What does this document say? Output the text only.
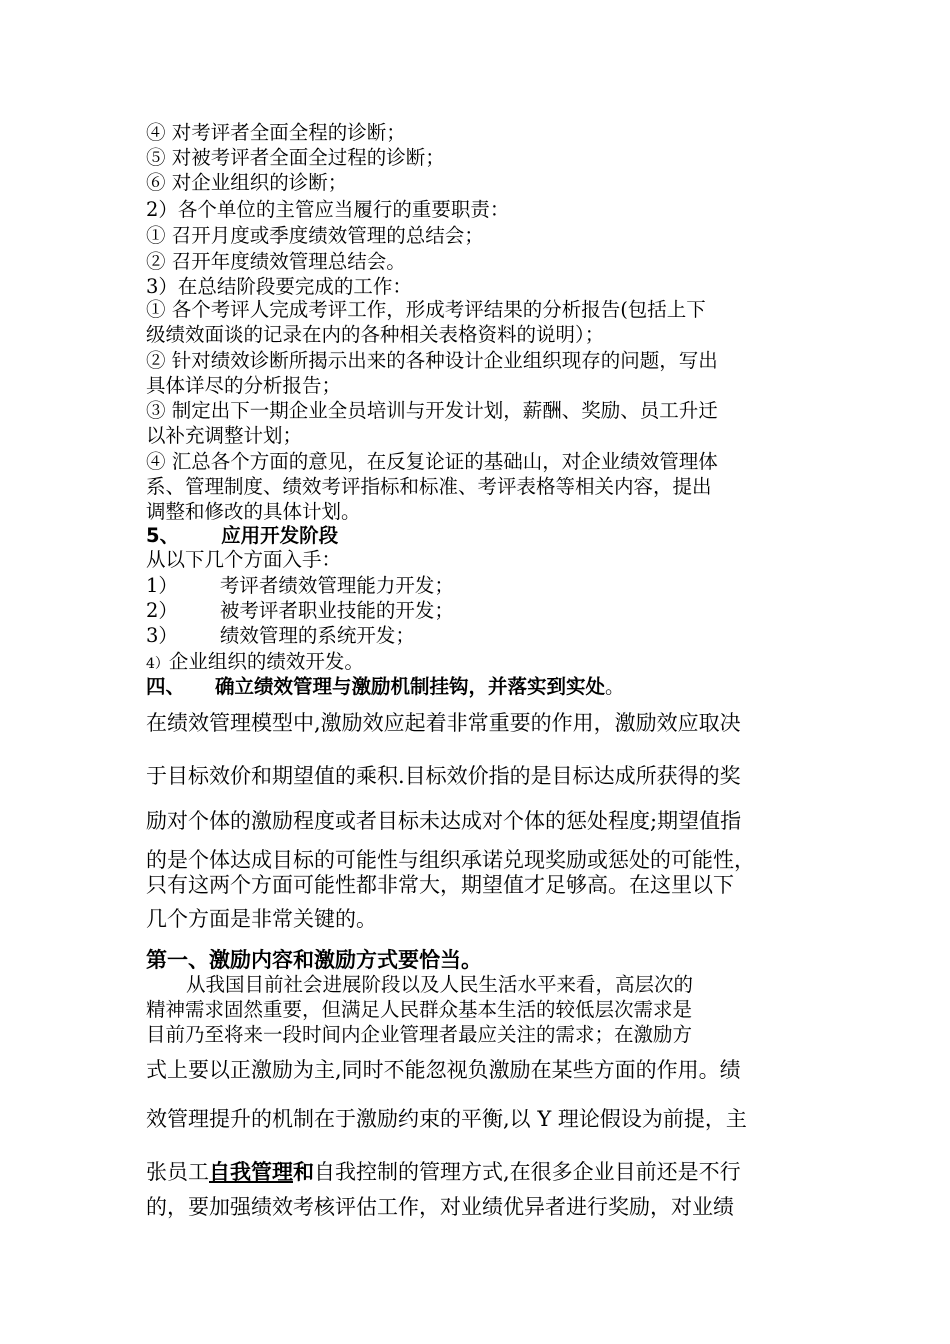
④ 对考评者全面全程的诊断；
⑤ 对被考评者全面全过程的诊断；
⑥ 对企业组织的诊断；
2）各个单位的主管应当履行的重要职责：
① 召开月度或季度绩效管理的总结会；
② 召开年度绩效管理总结会。
3）在总结阶段要完成的工作：
① 各个考评人完成考评工作，形成考评结果的分析报告(包括上下
级绩效面谈的记录在内的各种相关表格资料的说明）；
② 针对绩效诊断所揭示出来的各种设计企业组织现存的问题，写出
具体详尽的分析报告；
③ 制定出下一期企业全员培训与开发计划，薪酬、奖励、员工升迁
以补充调整计划；
④ 汇总各个方面的意见，在反复论证的基础山，对企业绩效管理体
系、管理制度、绩效考评指标和标准、考评表格等相关内容，提出
调整和修改的具体计划。
5、 应用开发阶段
从以下几个方面入手：
1） 考评者绩效管理能力开发；
2） 被考评者职业技能的开发；
3） 绩效管理的系统开发；
4）企业组织的绩效开发。
四、 确立绩效管理与激励机制挂钩，并落实到实处。
在绩效管理模型中,激励效应起着非常重要的作用，激励效应取决
于目标效价和期望值的乘积.目标效价指的是目标达成所获得的奖
励对个体的激励程度或者目标未达成对个体的惩处程度;期望值指
的是个体达成目标的可能性与组织承诺兑现奖励或惩处的可能性，
只有这两个方面可能性都非常大，期望值才足够高。在这里以下
几个方面是非常关键的。
第一、激励内容和激励方式要恰当。
从我国目前社会进展阶段以及人民生活水平来看，高层次的
精神需求固然重要，但满足人民群众基本生活的较低层次需求是
目前乃至将来一段时间内企业管理者最应关注的需求；在激励方
式上要以正激励为主,同时不能忽视负激励在某些方面的作用。绩
效管理提升的机制在于激励约束的平衡,以 Y 理论假设为前提，主
张员工自我管理和自我控制的管理方式,在很多企业目前还是不行
的，要加强绩效考核评估工作，对业绩优异者进行奖励，对业绩
